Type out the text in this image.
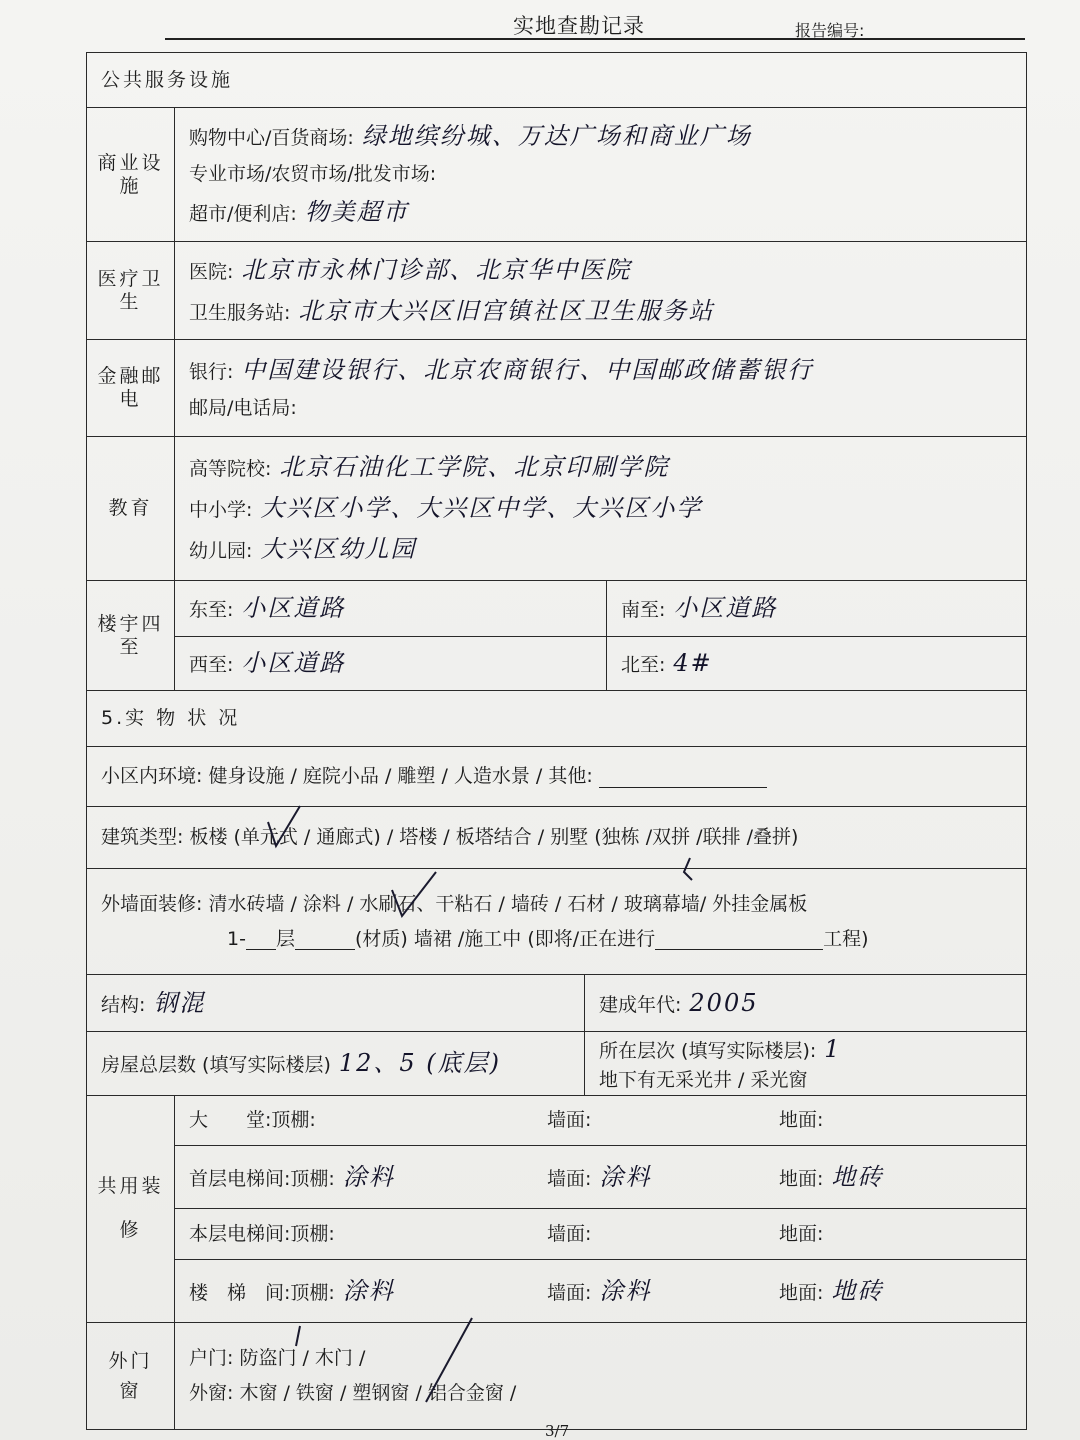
实地查勘记录	报告编号:
公共服务设施
商业设施	
购物中心/百货商场: 绿地缤纷城、万达广场和商业广场
专业市场/农贸市场/批发市场:
超市/便利店: 物美超市

医疗卫生	
医院: 北京市永林门诊部、北京华中医院
卫生服务站: 北京市大兴区旧宫镇社区卫生服务站

金融邮电	
银行: 中国建设银行、北京农商银行、中国邮政储蓄银行
邮局/电话局:

教育	
高等院校: 北京石油化工学院、北京印刷学院
中小学: 大兴区小学、大兴区中学、大兴区小学
幼儿园: 大兴区幼儿园

楼宇四至	东至: 小区道路	南至: 小区道路
西至: 小区道路	北至: 4#
5.实 物 状 况
小区内环境: 健身设施 / 庭院小品 / 雕塑 / 人造水景 / 其他:
建筑类型: 板楼 (单元式 / 通廊式) / 塔楼 / 板塔结合 / 别墅 (独栋 /双拼 /联排 /叠拼)

外墙面装修: 清水砖墙 / 涂料 / 水刷石、干粘石 / 墙砖 / 石材 / 玻璃幕墙/ 外挂金属板
1- 层	(材质) 墙裙 /施工中 (即将/正在进行	工程)

结构: 钢混	建成年代: 2005
房屋总层数 (填写实际楼层) 12、5 (底层)	所在层次 (填写实际楼层): 1
地下有无采光井 / 采光窗

共用装修	
大　　堂:顶棚:	墙面:	地面:
首层电梯间:顶棚: 涂料	墙面: 涂料	地面: 地砖
本层电梯间:顶棚:	墙面:	地面:
楼　梯　间:顶棚: 涂料	墙面: 涂料	地面: 地砖

外门窗	
户门: 防盗门 / 木门 /
外窗: 木窗 / 铁窗 / 塑钢窗 / 铝合金窗 /
3/7
